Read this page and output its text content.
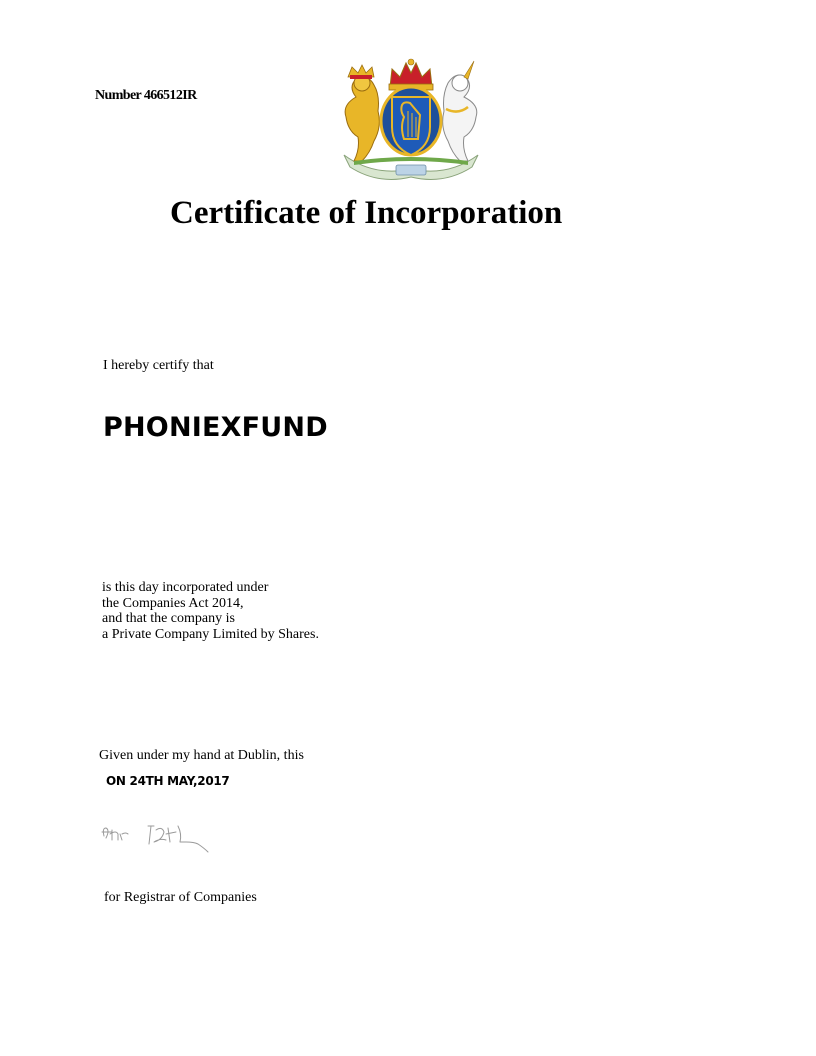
Number 466512IR
Certificate of Incorporation
I hereby certify that
PHONIEXFUND
is this day incorporated under
the Companies Act 2014,
and that the company is
a Private Company Limited by Shares.
Given under my hand at Dublin, this
ON 24TH MAY,2017
for Registrar of Companies
